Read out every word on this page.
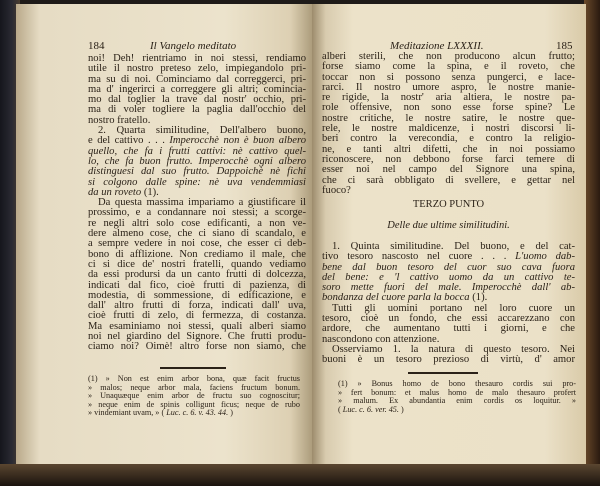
184	Il Vangelo meditato
noi! Deh! rientriamo in noi stessi, rendiamo
utile il nostro preteso zelo, impiegandolo pri-
ma su di noi. Cominciamo dal correggerci, pri-
ma d' ingerirci a correggere gli altri; comincia-
mo dal toglier la trave dal nostr' occhio, pri-
ma di voler togliere la paglia dall'occhio del
nostro fratello.
2. Quarta similitudine, Dell'albero buono,
e del cattivo . . . Imperocchè non è buon albero
quello, che fa i frutti cattivi: nè cattivo quel-
lo, che fa buon frutto. Imperocchè ogni albero
distinguesi dal suo frutto. Dappoichè nè fichi
si colgono dalle spine: nè uva vendemmiasi
da un roveto (1).
Da questa massima impariamo a giustificare il
prossimo, e a condannare noi stessi; a scorge-
re negli altri solo cose edificanti, a non ve-
dere almeno cose, che ci siano di scandalo, e
a sempre vedere in noi cose, che esser ci deb-
bono di afflizione. Non crediamo il male, che
ci si dice de' nostri fratelli, quando vediamo
da essi prodursi da un canto frutti di dolcezza,
indicati dal fico, cioè frutti di pazienza, di
modestia, di sommessione, di edificazione, e
dall' altro frutti di forza, indicati dall' uva,
cioè frutti di zelo, di fermezza, di costanza.
Ma esaminiamo noi stessi, quali alberi siamo
noi nel giardino del Signore. Che frutti produ-
ciamo noi? Oimè! altro forse non siamo, che
(1) » Non est enim arbor bona, quæ facit fructus
» malos; neque arbor mala, faciens fructum bonum.
» Unaquæque enim arbor de fructu suo cognoscitur;
» neque enim de spinis colligunt ficus; neque de rubo
» vindemiant uvam, » ( Luc. c. 6. v. 43. 44. )
Meditazione LXXXII.	185
alberi sterili, che non producono alcun frutto;
forse siamo come la spina, e il roveto, che
toccar non si possono senza pungerci, e lace-
rarci. Il nostro umore aspro, le nostre manie-
re rigide, la nostr' aria altiera, le nostre pa-
role offensive, non sono esse forse spine? Le
nostre critiche, le nostre satire, le nostre que-
rele, le nostre maldicenze, i nostri discorsi li-
beri contro la verecondia, e contro la religio-
ne, e tanti altri difetti, che in noi possiamo
riconoscere, non debbono forse farci temere di
esser noi nel campo del Signore una spina,
che ci sarà obbligato di svellere, e gettar nel
fuoco?
TERZO PUNTO
Delle due ultime similitudini.
1. Quinta similitudine. Del buono, e del cat-
tivo tesoro nascosto nel cuore . . . L'uomo dab-
bene dal buon tesoro del cuor suo cava fuora
del bene: e 'l cattivo uomo da un cattivo te-
soro mette fuori del male. Imperocchè dall' ab-
bondanza del cuore parla la bocca (1).
Tutti gli uomini portano nel loro cuore un
tesoro, cioè un fondo, che essi accarezzano con
ardore, che aumentano tutti i giorni, e che
nascondono con attenzione.
Osserviamo 1. la natura di questo tesoro. Nei
buoni è un tesoro prezioso di virtù, d' amor
(1) » Bonus homo de bono thesauro cordis sui pro-
» fert bonum: et malus homo de malo thesauro profert
» malum. Ex abundantia enim cordis os loquitur. »
( Luc. c. 6. ver. 45. )
